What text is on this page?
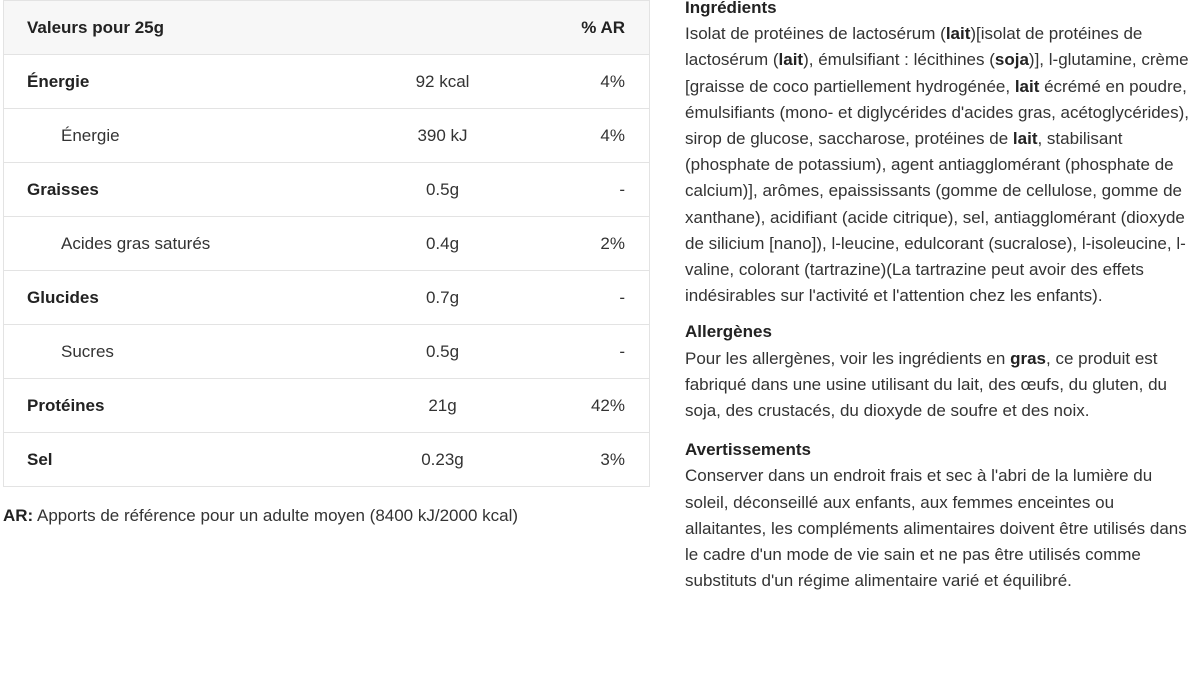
Valeurs pour 25g		% AR
Énergie	92 kcal	4%
Énergie	390 kJ	4%
Graisses	0.5g	-
Acides gras saturés	0.4g	2%
Glucides	0.7g	-
Sucres	0.5g	-
Protéines	21g	42%
Sel	0.23g	3%
AR: Apports de référence pour un adulte moyen (8400 kJ/2000 kcal)

Ingrédients

Isolat de protéines de lactosérum (lait)[isolat de protéines de lactosérum (lait), émulsifiant : lécithines (soja)], l-glutamine, crème [graisse de coco partiellement hydrogénée, lait écrémé en poudre, émulsifiants (mono- et diglycérides d'acides gras, acétoglycérides), sirop de glucose, saccharose, protéines de lait, stabilisant (phosphate de potassium), agent antiagglomérant (phosphate de calcium)], arômes, epaississants (gomme de cellulose, gomme de xanthane), acidifiant (acide citrique), sel, antiagglomérant (dioxyde de silicium [nano]), l-leucine, edulcorant (sucralose), l-isoleucine, l-valine, colorant (tartrazine)(La tartrazine peut avoir des effets indésirables sur l'activité et l'attention chez les enfants).

Allergènes

Pour les allergènes, voir les ingrédients en gras, ce produit est fabriqué dans une usine utilisant du lait, des œufs, du gluten, du soja, des crustacés, du dioxyde de soufre et des noix.

Avertissements

Conserver dans un endroit frais et sec à l'abri de la lumière du soleil, déconseillé aux enfants, aux femmes enceintes ou allaitantes, les compléments alimentaires doivent être utilisés dans le cadre d'un mode de vie sain et ne pas être utilisés comme substituts d'un régime alimentaire varié et équilibré.
